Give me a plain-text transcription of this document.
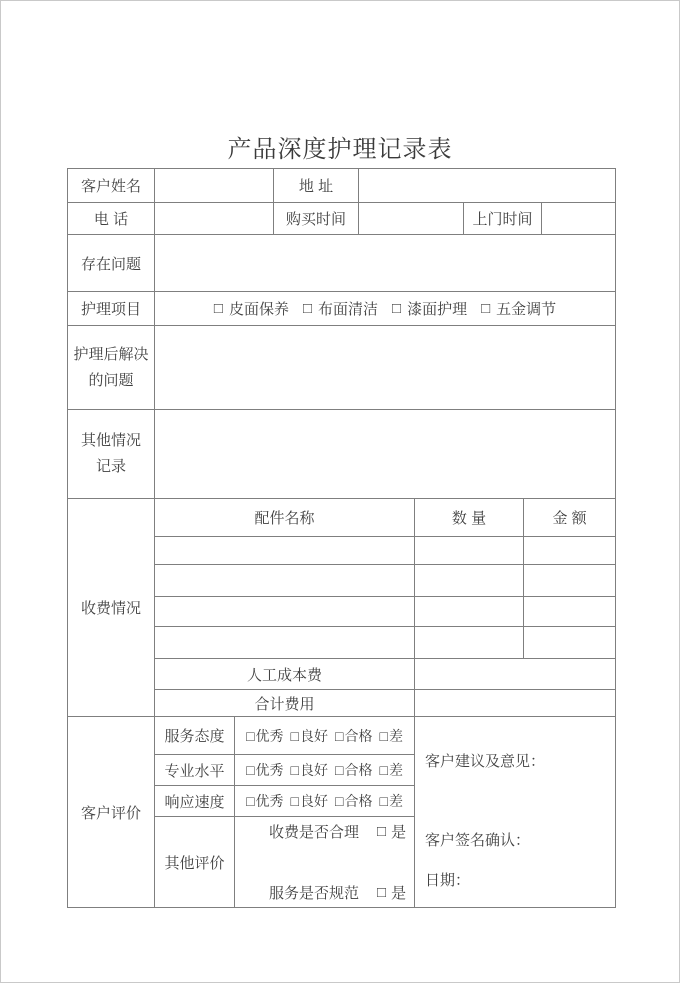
产品深度护理记录表
客户姓名			地 址					
电 话			购买时间			上门时间		
存在问题								
护理项目	□ 皮面保养 □ 布面清洁 □ 漆面护理 □ 五金调节

护理后解决
的问题								

其他情况
记录								

收费情况	配件名称				数 量		金 额	

	人工成本费							
	合计费用							
客户评价	服务态度	□ 优秀 □ 良好 □ 合格 □ 差

客户建议及意见：
客户签名确认：
日期：

专业水平	□ 优秀 □ 良好 □ 合格 □ 差

响应速度	□ 优秀 □ 良好 □ 合格 □ 差

其他评价	
收费是否合理 □ 是
服务是否规范 □ 是
